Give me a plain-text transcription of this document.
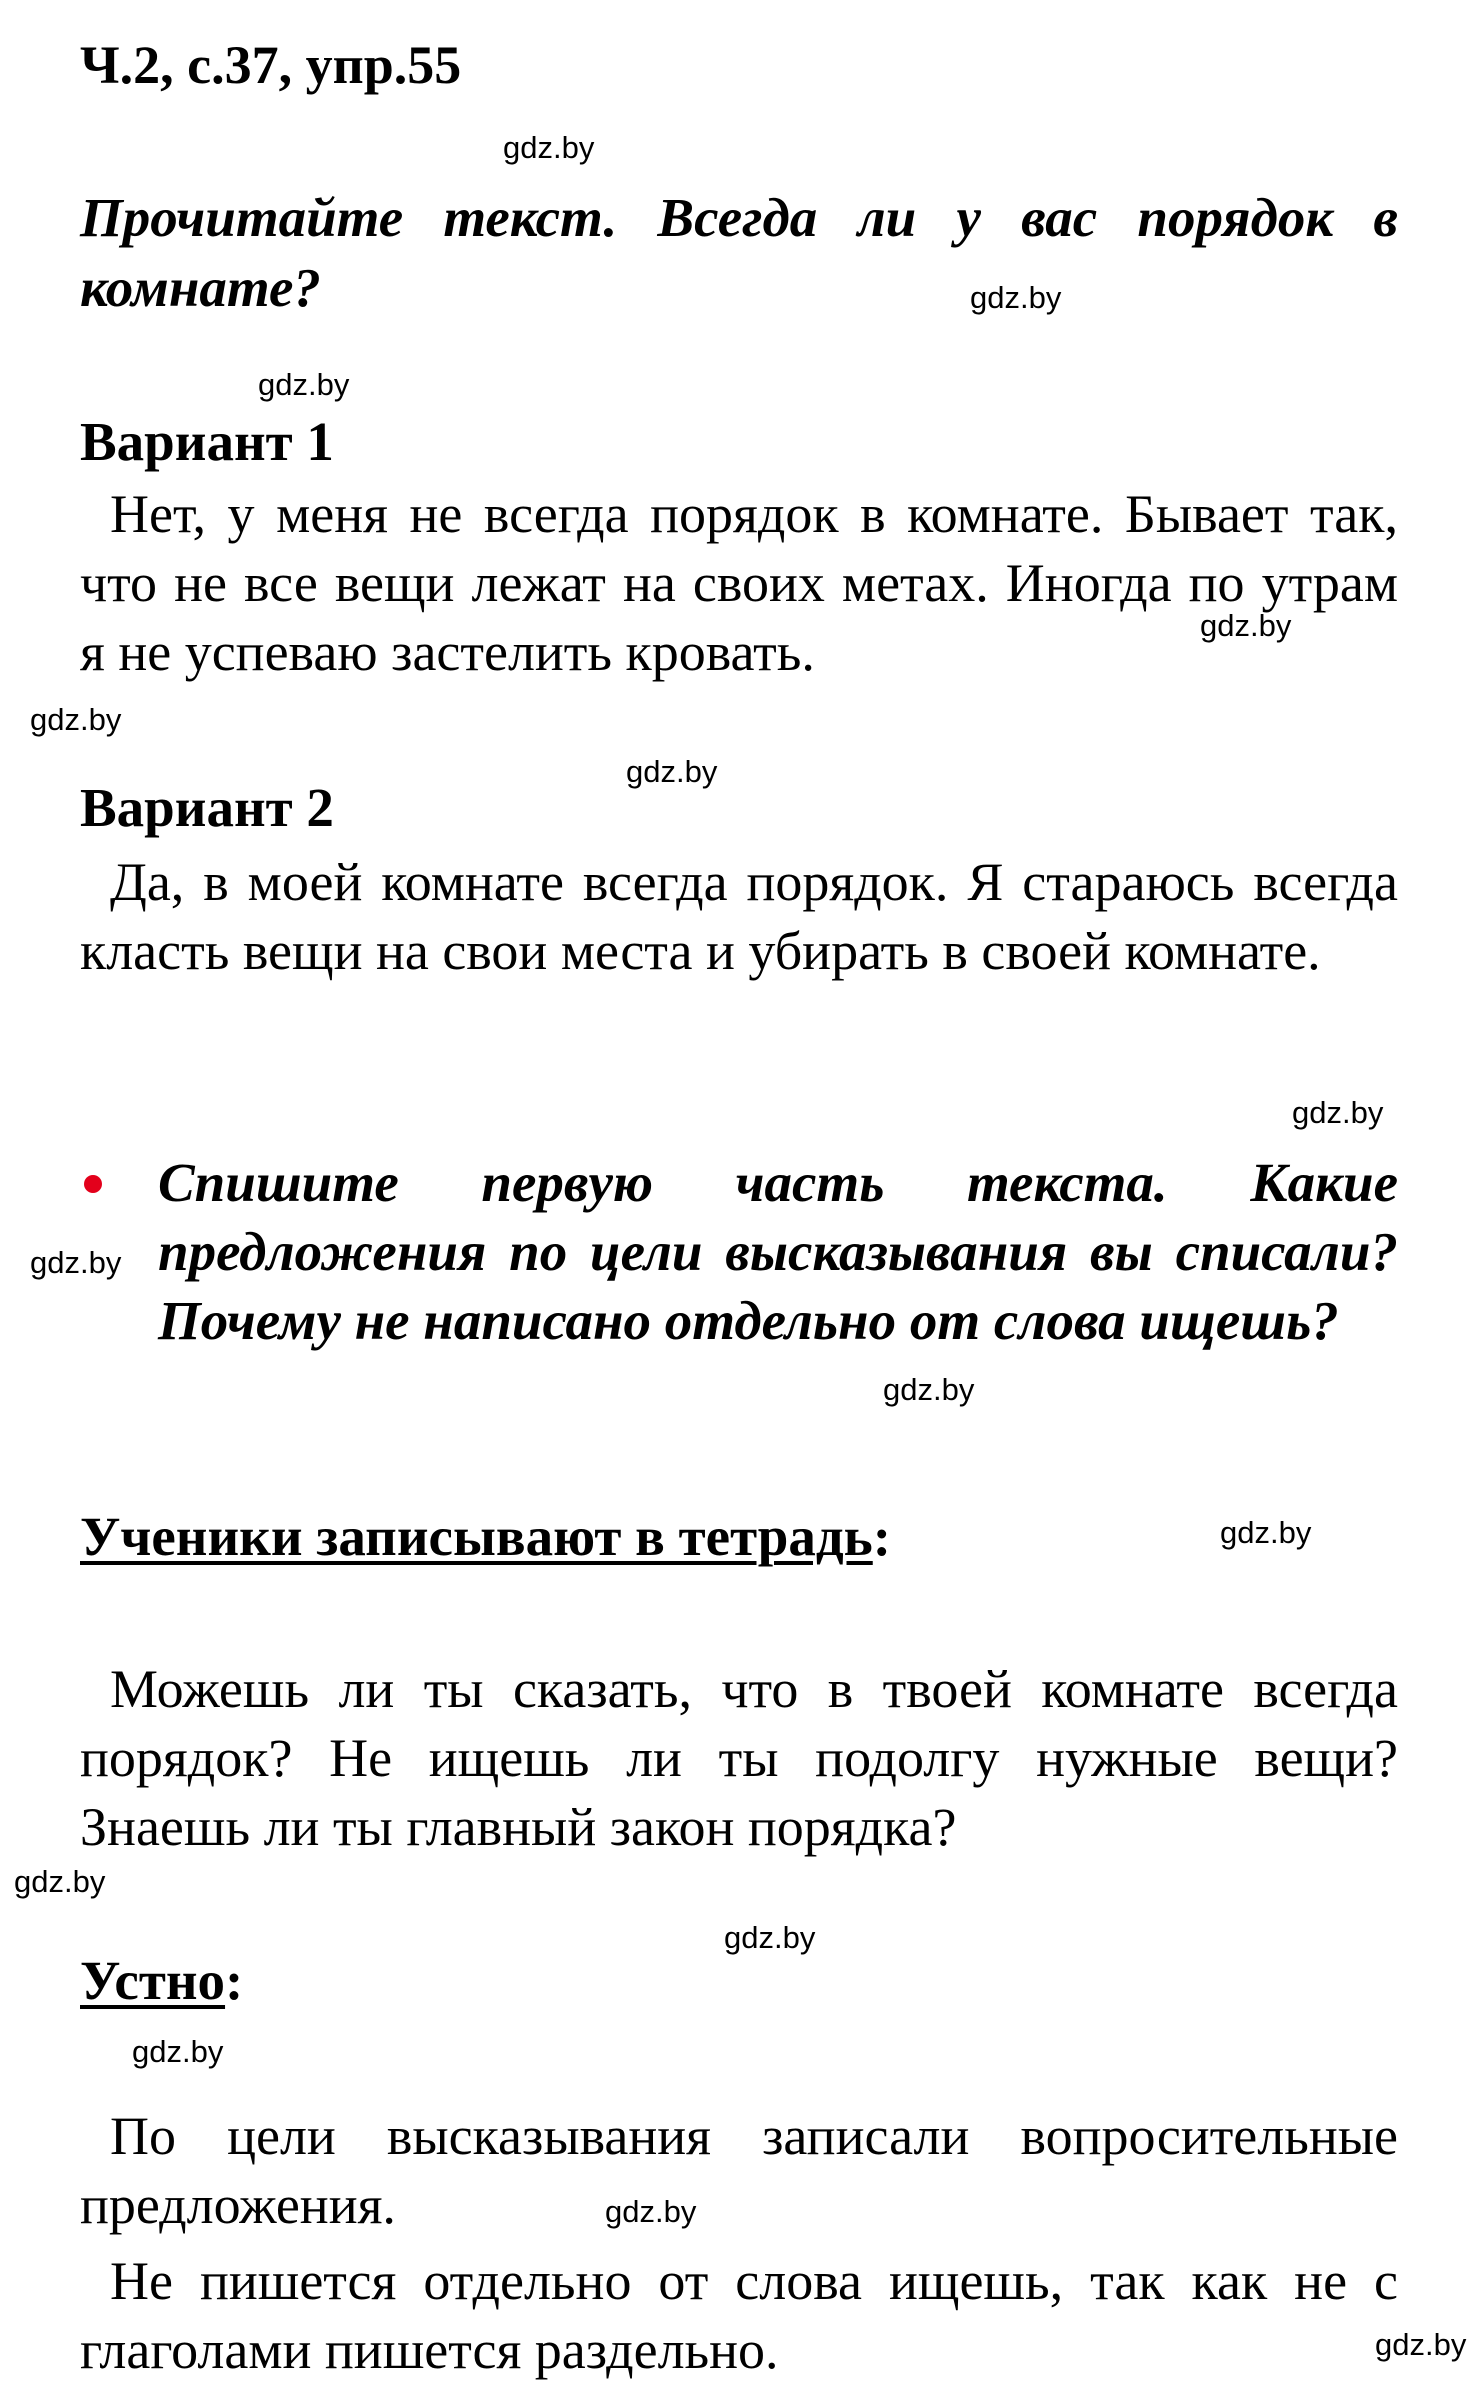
Ч.2, с.37, упр.55
Прочитайте текст. Всегда ли у вас порядок в
комнате?
Вариант 1
Нет, у меня не всегда порядок в комнате. Бывает так, что не все вещи лежат на своих метах. Иногда по утрам я не успеваю застелить кровать.
Вариант 2
Да, в моей комнате всегда порядок. Я стараюсь всегда класть вещи на свои места и убирать в своей комнате.
Спишите первую часть текста. Какие предложения по цели высказывания вы списали? Почему не написано отдельно от слова ищешь?
Ученики записывают в тетрадь:
Можешь ли ты сказать, что в твоей комнате всегда порядок? Не ищешь ли ты подолгу нужные вещи? Знаешь ли ты главный закон порядка?
Устно:
По цели высказывания записали вопросительные предложения.
Не пишется отдельно от слова ищешь, так как не с глаголами пишется раздельно.
gdz.by
gdz.by
gdz.by
gdz.by
gdz.by
gdz.by
gdz.by
gdz.by
gdz.by
gdz.by
gdz.by
gdz.by
gdz.by
gdz.by
gdz.by
